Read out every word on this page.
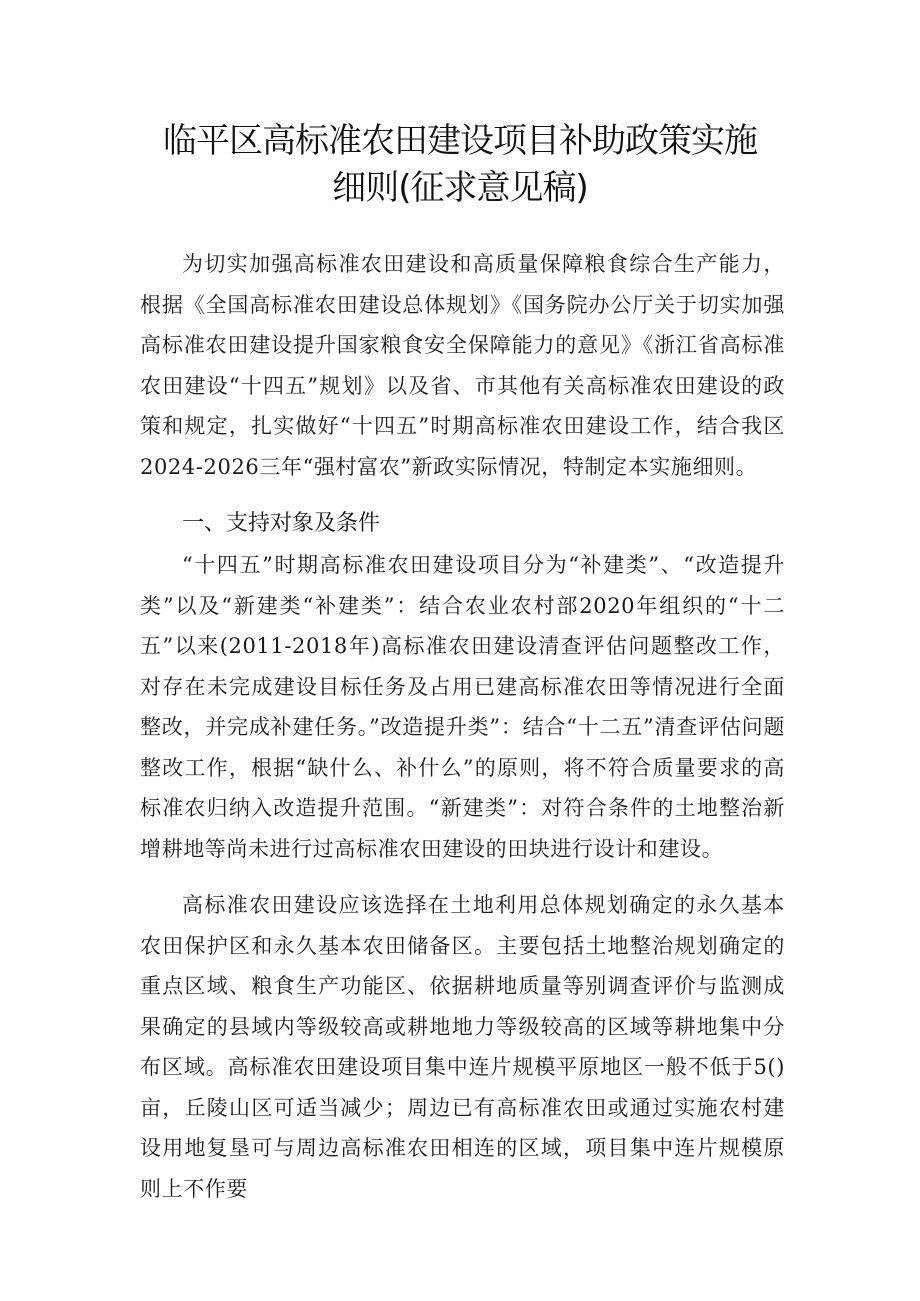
临平区高标准农田建设项目补助政策实施
细则(征求意见稿)

为切实加强高标准农田建设和高质量保障粮食综合生产能力，根据《全国高标准农田建设总体规划》《国务院办公厅关于切实加强高标准农田建设提升国家粮食安全保障能力的意见》《浙江省高标准农田建设“十四五”规划》以及省、市其他有关高标准农田建设的政策和规定，扎实做好“十四五”时期高标准农田建设工作，结合我区2024-2026三年“强村富农”新政实际情况，特制定本实施细则。

一、支持对象及条件

“十四五”时期高标准农田建设项目分为“补建类”、“改造提升类”以及“新建类“补建类”：结合农业农村部2020年组织的“十二五”以来(2011-2018年)高标准农田建设清查评估问题整改工作，对存在未完成建设目标任务及占用已建高标准农田等情况进行全面整改，并完成补建任务。”改造提升类”：结合“十二五”清查评估问题整改工作，根据“缺什么、补什么”的原则，将不符合质量要求的高标准农归纳入改造提升范围。“新建类”：对符合条件的土地整治新增耕地等尚未进行过高标准农田建设的田块进行设计和建设。

高标准农田建设应该选择在土地利用总体规划确定的永久基本农田保护区和永久基本农田储备区。主要包括土地整治规划确定的重点区域、粮食生产功能区、依据耕地质量等别调查评价与监测成果确定的县域内等级较高或耕地地力等级较高的区域等耕地集中分布区域。高标准农田建设项目集中连片规模平原地区一般不低于5()亩，丘陵山区可适当减少；周边已有高标准农田或通过实施农村建设用地复垦可与周边高标准农田相连的区域，项目集中连片规模原则上不作要
